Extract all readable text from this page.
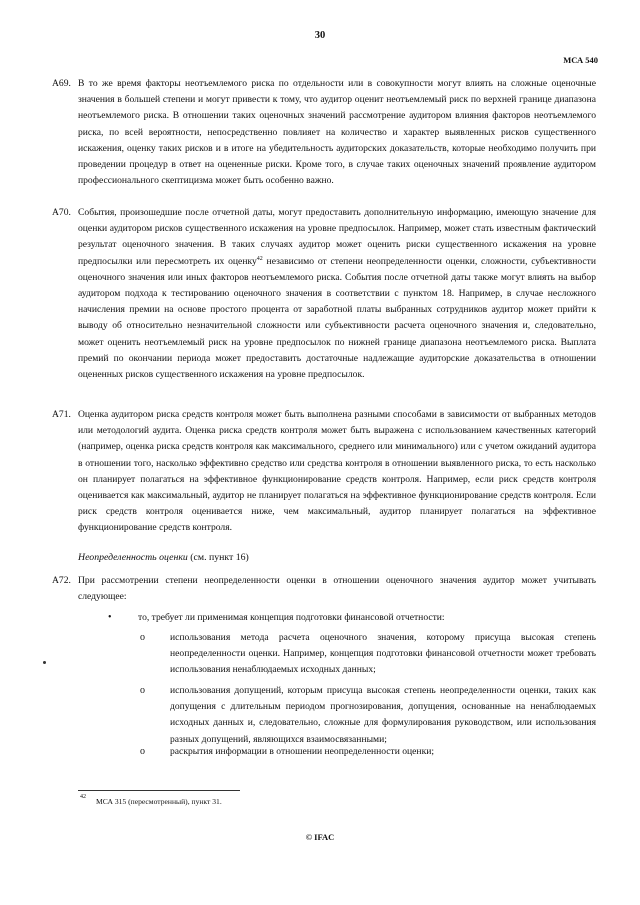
30
МСА 540
A69. В то же время факторы неотъемлемого риска по отдельности или в совокупности могут влиять на сложные оценочные значения в большей степени и могут привести к тому, что аудитор оценит неотъемлемый риск по верхней границе диапазона неотъемлемого риска. В отношении таких оценочных значений рассмотрение аудитором влияния факторов неотъемлемого риска, по всей вероятности, непосредственно повлияет на количество и характер выявленных рисков существенного искажения, оценку таких рисков и в итоге на убедительность аудиторских доказательств, которые необходимо получить при проведении процедур в ответ на оцененные риски. Кроме того, в случае таких оценочных значений проявление аудитором профессионального скептицизма может быть особенно важно.
A70. События, произошедшие после отчетной даты, могут предоставить дополнительную информацию, имеющую значение для оценки аудитором рисков существенного искажения на уровне предпосылок. Например, может стать известным фактический результат оценочного значения. В таких случаях аудитор может оценить риски существенного искажения на уровне предпосылки или пересмотреть их оценку$^{42}$ независимо от степени неопределенности оценки, сложности, субъективности оценочного значения или иных факторов неотъемлемого риска. События после отчетной даты также могут влиять на выбор аудитором подхода к тестированию оценочного значения в соответствии с пунктом 18. Например, в случае несложного начисления премии на основе простого процента от заработной платы выбранных сотрудников аудитор может прийти к выводу об относительно незначительной сложности или субъективности расчета оценочного значения и, следовательно, может оценить неотъемлемый риск на уровне предпосылок по нижней границе диапазона неотъемлемого риска. Выплата премий по окончании периода может предоставить достаточные надлежащие аудиторские доказательства в отношении оцененных рисков существенного искажения на уровне предпосылок.
A71. Оценка аудитором риска средств контроля может быть выполнена разными способами в зависимости от выбранных методов или методологий аудита. Оценка риска средств контроля может быть выражена с использованием качественных категорий (например, оценка риска средств контроля как максимального, среднего или минимального) или с учетом ожиданий аудитора в отношении того, насколько эффективно средство или средства контроля в отношении выявленного риска, то есть насколько он планирует полагаться на эффективное функционирование средств контроля. Например, если риск средств контроля оценивается как максимальный, аудитор не планирует полагаться на эффективное функционирование средств контроля. Если риск средств контроля оценивается ниже, чем максимальный, аудитор планирует полагаться на эффективное функционирование средств контроля.
Неопределенность оценки (см. пункт 16)
A72. При рассмотрении степени неопределенности оценки в отношении оценочного значения аудитор может учитывать следующее:
•	то, требует ли применимая концепция подготовки финансовой отчетности:
о	использования метода расчета оценочного значения, которому присуща высокая степень неопределенности оценки. Например, концепция подготовки финансовой отчетности может требовать использования ненаблюдаемых исходных данных;
о	использования допущений, которым присуща высокая степень неопределенности оценки, таких как допущения с длительным периодом прогнозирования, допущения, основанные на ненаблюдаемых исходных данных и, следовательно, сложные для формулирования руководством, или использования разных допущений, являющихся взаимосвязанными;
о	раскрытия информации в отношении неопределенности оценки;
42 МСА 315 (пересмотренный), пункт 31.
© IFAC
